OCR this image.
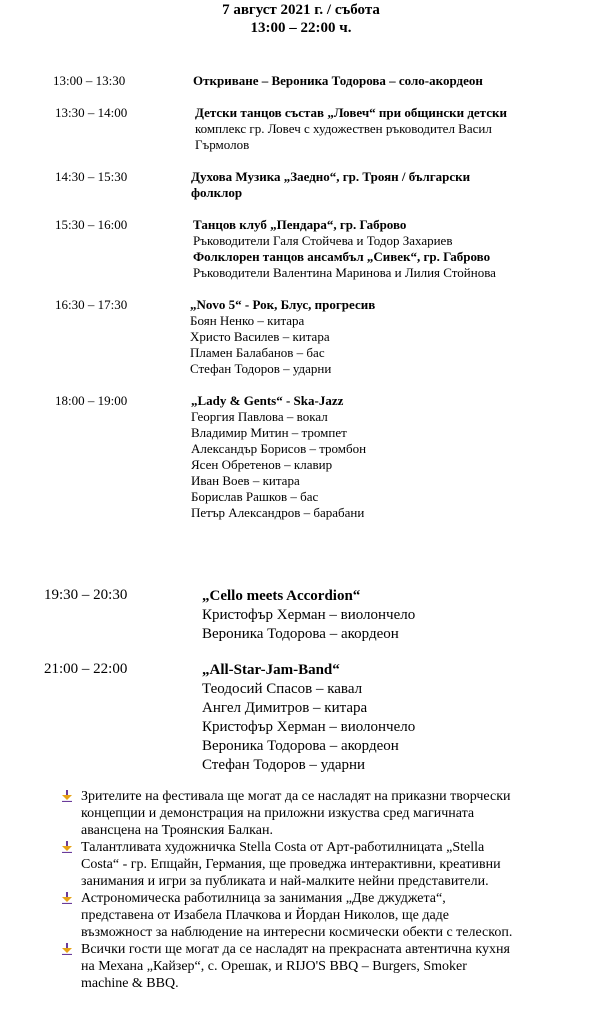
7 август 2021 г. / събота
13:00 – 22:00 ч.
13:00 – 13:30	Откриване – Вероника Тодорова – соло-акордеон
13:30 – 14:00	Детски танцов състав „Ловеч“ при общински детски
комплекс гр. Ловеч с художествен ръководител Васил
Гърмолов
14:30 – 15:30	Духова Музика „Заедно“, гр. Троян / български
фолклор
15:30 – 16:00	Танцов клуб „Пендара“, гр. Габрово
Ръководители Галя Стойчева и Тодор Захариев
Фолклорен танцов ансамбъл „Сивек“, гр. Габрово
Ръководители Валентина Маринова и Лилия Стойнова
16:30 – 17:30	„Novo 5“ - Рок, Блус, прогресив
Боян Ненко – китара
Христо Василев – китара
Пламен Балабанов – бас
Стефан Тодоров – ударни
18:00 – 19:00	„Lady & Gents“ - Ska-Jazz
Георгия Павлова – вокал
Владимир Митин – тромпет
Александър Борисов – тромбон
Ясен Обретенов – клавир
Иван Воев – китара
Борислав Рашков – бас
Петър Александров – барабани
19:30 – 20:30	„Cello meets Accordion“
Кристофър Херман – виолончело
Вероника Тодорова – акордеон
21:00 – 22:00	„All-Star-Jam-Band“
Теодосий Спасов – кавал
Ангел Димитров – китара
Кристофър Херман – виолончело
Вероника Тодорова – акордеон
Стефан Тодоров – ударни
Зрителите на фестивала ще могат да се насладят на приказни творчески
концепции и демонстрация на приложни изкуства сред магичната
авансцена на Троянския Балкан.
Талантливата художничка Stella Costa от Арт-работилницата „Stella
Costa“ - гр. Епщайн, Германия, ще проведжа интерактивни, креативни
занимания и игри за публиката и най-малките нейни представители.
Астрономическа работилница за занимания „Две джуджета“,
представена от Изабела Плачкова и Йордан Николов, ще даде
възможност за наблюдение на интересни космически обекти с телескоп.
Всички гости ще могат да се насладят на прекрасната автентична кухня
на Механа „Кайзер“, с. Орешак, и RIJO'S BBQ – Burgers, Smoker
machine & BBQ.
